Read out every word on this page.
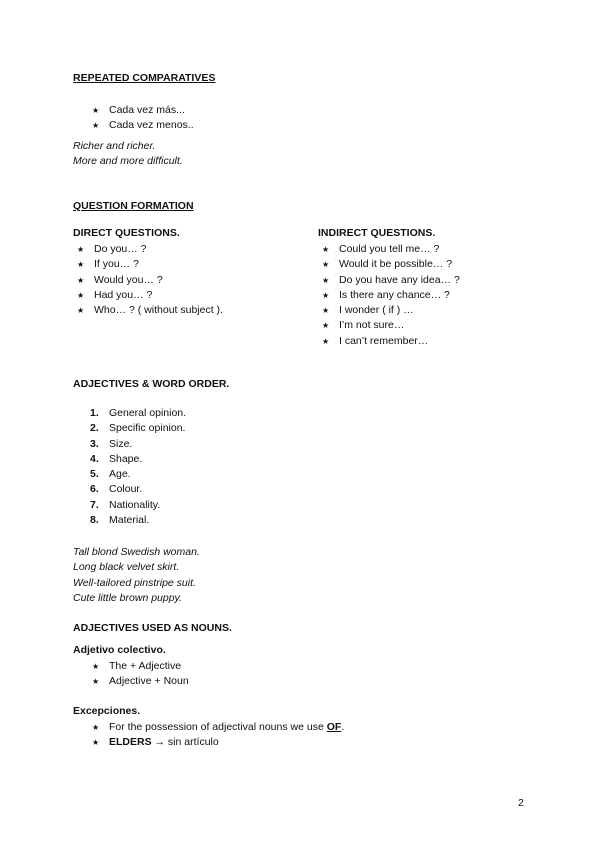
REPEATED COMPARATIVES
★ Cada vez más...
★ Cada vez menos..
Richer and richer.
More and more difficult.
QUESTION FORMATION
DIRECT QUESTIONS.
★ Do you… ?
★ If you… ?
★ Would you… ?
★ Had you… ?
★ Who… ? ( without subject ).
INDIRECT QUESTIONS.
★ Could you tell me… ?
★ Would it be possible… ?
★ Do you have any idea… ?
★ Is there any chance… ?
★ I wonder ( if ) …
★ I’m not sure…
★ I can’t remember…
ADJECTIVES & WORD ORDER.
1. General opinion.
2. Specific opinion.
3. Size.
4. Shape.
5. Age.
6. Colour.
7. Nationality.
8. Material.
Tall blond Swedish woman.
Long black velvet skirt.
Well-tailored pinstripe suit.
Cute little brown puppy.
ADJECTIVES USED AS NOUNS.
Adjetivo colectivo.
★ The + Adjective
★ Adjective + Noun
Excepciones.
★ For the possession of adjectival nouns we use OF.
★ ELDERS → sin artículo
2
